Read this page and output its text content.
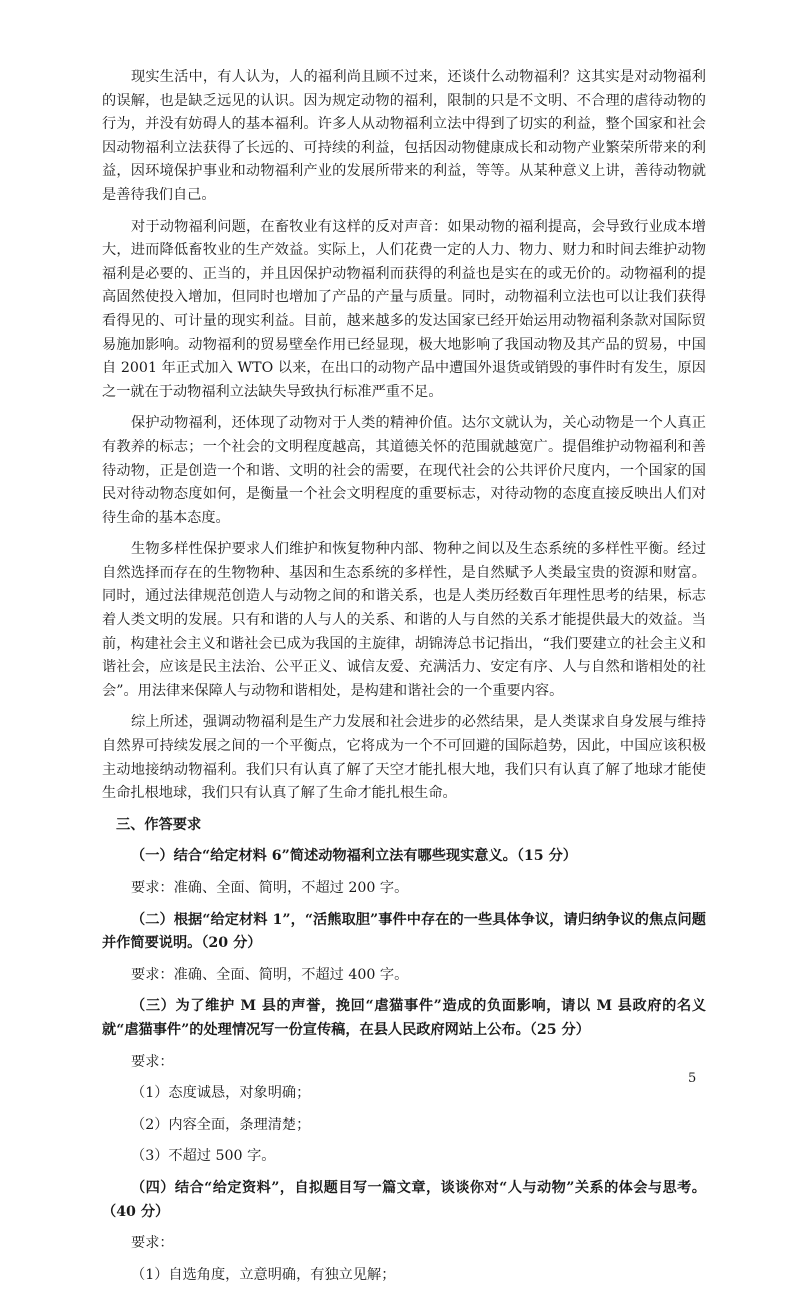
现实生活中，有人认为，人的福利尚且顾不过来，还谈什么动物福利？这其实是对动物福利的误解，也是缺乏远见的认识。因为规定动物的福利，限制的只是不文明、不合理的虐待动物的行为，并没有妨碍人的基本福利。许多人从动物福利立法中得到了切实的利益，整个国家和社会因动物福利立法获得了长远的、可持续的利益，包括因动物健康成长和动物产业繁荣所带来的利益，因环境保护事业和动物福利产业的发展所带来的利益，等等。从某种意义上讲，善待动物就是善待我们自己。

对于动物福利问题，在畜牧业有这样的反对声音：如果动物的福利提高，会导致行业成本增大，进而降低畜牧业的生产效益。实际上，人们花费一定的人力、物力、财力和时间去维护动物福利是必要的、正当的，并且因保护动物福利而获得的利益也是实在的或无价的。动物福利的提高固然使投入增加，但同时也增加了产品的产量与质量。同时，动物福利立法也可以让我们获得看得见的、可计量的现实利益。目前，越来越多的发达国家已经开始运用动物福利条款对国际贸易施加影响。动物福利的贸易壁垒作用已经显现，极大地影响了我国动物及其产品的贸易，中国自 2001 年正式加入 WTO 以来，在出口的动物产品中遭国外退货或销毁的事件时有发生，原因之一就在于动物福利立法缺失导致执行标准严重不足。

保护动物福利，还体现了动物对于人类的精神价值。达尔文就认为，关心动物是一个人真正有教养的标志；一个社会的文明程度越高，其道德关怀的范围就越宽广。提倡维护动物福利和善待动物，正是创造一个和谐、文明的社会的需要，在现代社会的公共评价尺度内，一个国家的国民对待动物态度如何，是衡量一个社会文明程度的重要标志，对待动物的态度直接反映出人们对待生命的基本态度。

生物多样性保护要求人们维护和恢复物种内部、物种之间以及生态系统的多样性平衡。经过自然选择而存在的生物物种、基因和生态系统的多样性，是自然赋予人类最宝贵的资源和财富。同时，通过法律规范创造人与动物之间的和谐关系，也是人类历经数百年理性思考的结果，标志着人类文明的发展。只有和谐的人与人的关系、和谐的人与自然的关系才能提供最大的效益。当前，构建社会主义和谐社会已成为我国的主旋律，胡锦涛总书记指出，“我们要建立的社会主义和谐社会，应该是民主法治、公平正义、诚信友爱、充满活力、安定有序、人与自然和谐相处的社会”。用法律来保障人与动物和谐相处，是构建和谐社会的一个重要内容。

综上所述，强调动物福利是生产力发展和社会进步的必然结果，是人类谋求自身发展与维持自然界可持续发展之间的一个平衡点，它将成为一个不可回避的国际趋势，因此，中国应该积极主动地接纳动物福利。我们只有认真了解了天空才能扎根大地，我们只有认真了解了地球才能使生命扎根地球，我们只有认真了解了生命才能扎根生命。

三、作答要求

（一）结合“给定材料 6”简述动物福利立法有哪些现实意义。（15 分）

要求：准确、全面、简明，不超过 200 字。

（二）根据“给定材料 1”，“活熊取胆”事件中存在的一些具体争议，请归纳争议的焦点问题并作简要说明。（20 分）

要求：准确、全面、简明，不超过 400 字。

（三）为了维护 M 县的声誉，挽回“虐猫事件”造成的负面影响，请以 M 县政府的名义就“虐猫事件”的处理情况写一份宣传稿，在县人民政府网站上公布。（25 分）

要求：

（1）态度诚恳，对象明确；

（2）内容全面，条理清楚；

（3）不超过 500 字。

（四）结合“给定资料”，自拟题目写一篇文章，谈谈你对“人与动物”关系的体会与思考。（40 分）

要求：

（1）自选角度，立意明确，有独立见解；

5
